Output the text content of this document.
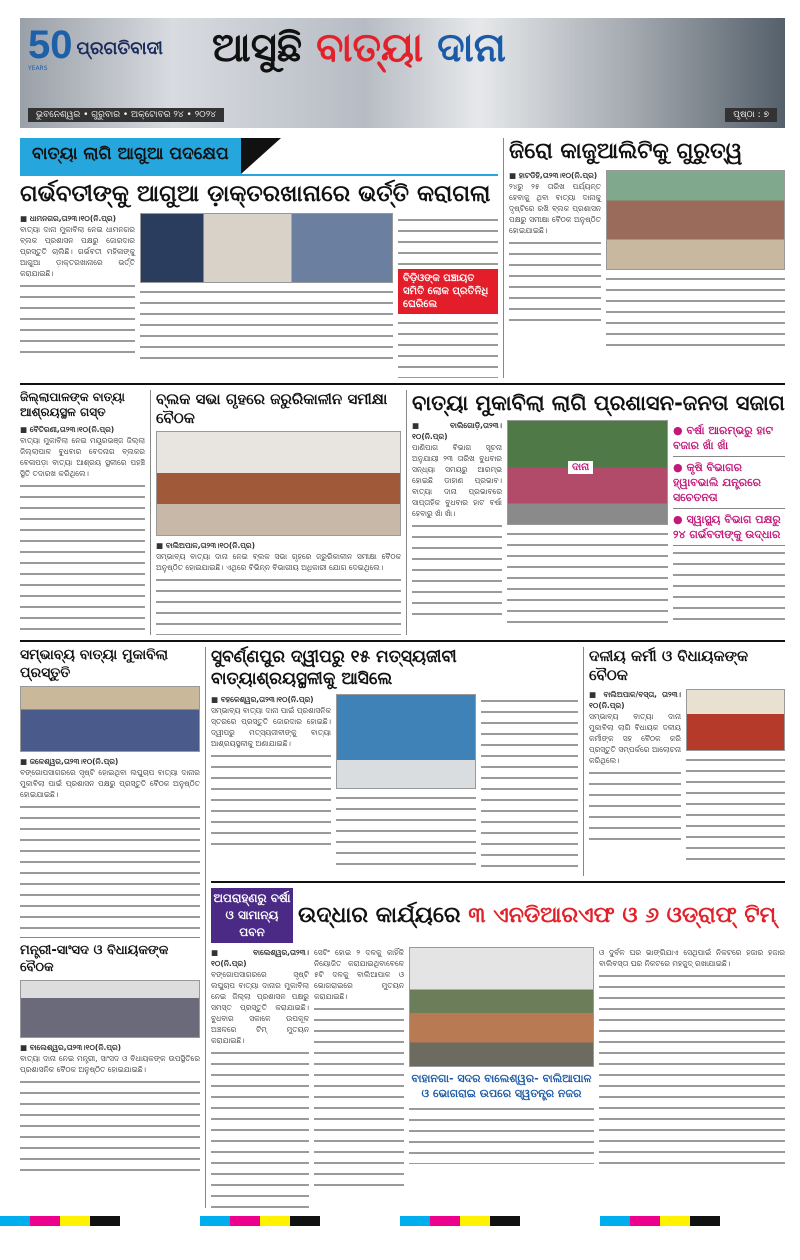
50
YEARS
ପ୍ରଗତିବାଦୀ ଆସୁଛି ବାତ୍ୟା ଦାନା
ଭୁବନେଶ୍ୱର • ଗୁରୁବାର • ଅକ୍ଟୋବର ୨୪ • ୨୦୨୪	ପୃଷ୍ଠା : ୭
ବାତ୍ୟା ଲାଗି ଆଗୁଆ ପଦକ୍ଷେପ
ଗର୍ଭବତୀଙ୍କୁ ଆଗୁଆ ଡ଼ାକ୍ତରଖାନାରେ ଭର୍ତ୍ତି କରାଗଲା
■ ଧାମନଗର,ତା୨୩।୧୦(ନି.ପ୍ର)
ବାତ୍ୟା ଦାନା ମୁକାବିଲା ନେଇ ଧାମନଗର ବ୍ଲକ ପ୍ରଶାସନ ପକ୍ଷରୁ ଜୋରଦାର ପ୍ରସ୍ତୁତି ଚାଲିଛି। ଗର୍ଭବତୀ ମହିଳାଙ୍କୁ ଆଗୁଆ ଡ଼ାକ୍ତରଖାନାରେ ଭର୍ତ୍ତି କରାଯାଇଛି।	ବିଡ଼ିଓଙ୍କ ପଞ୍ଚାୟତ ସମିତି ଲୋକ ପ୍ରତିନିଧି ଘେରିଲେ
ଜିରୋ କାଜୁଆଲିଟିକୁ ଗୁରୁତ୍ୱ
■ ହାଟଡିହି,ତା୨୩।୧୦(ନି.ପ୍ର)
୨୪ରୁ ୨୫ ତାରିଖ ପର୍ଯ୍ୟନ୍ତ ହେବାକୁ ଥିବା ବାତ୍ୟା ଦାନାକୁ ଦୃଷ୍ଟିରେ ରଖି ବ୍ଲକ ପ୍ରଶାସନ ପକ୍ଷରୁ ସମୀକ୍ଷା ବୈଠକ ଅନୁଷ୍ଠିତ ହୋଇଯାଇଛି।
ଜିଲ୍ଲାପାଳଙ୍କ ବାତ୍ୟା ଆଶ୍ରୟସ୍ଥଳ ଗସ୍ତ
■ ବୈତିରଣୀ,ତା୨୩।୧୦(ନି.ପ୍ର)
ବାତ୍ୟା ମୁକାବିଲା ନେଇ ମୟୂରଭଞ୍ଜ ଜିଲ୍ଲା ଜିଲ୍ଲାପାଳ ବୁଧବାର ବେଦନାଗ ବ୍ଲକର ବେଳାପଡ଼ା ବାତ୍ୟା ଆଶ୍ରୟ ସ୍ଥଳୀରେ ପହଞ୍ଚି ସ୍ଥିତି ତଦାରଖ କରିଥିଲେ।
ବ୍ଲକ ସଭା ଗୃହରେ ଜରୁରିକାଳୀନ ସମୀକ୍ଷା ବୈଠକ
■ ବାଲିଅପାଳ,ତା୨୩।୧୦(ନି.ପ୍ର)
ସମ୍ଭାବ୍ୟ ବାତ୍ୟା ଦାନା ନେଇ ବ୍ଲକ ସଭା ଗୃହରେ ଜରୁରିକାଳୀନ ସମୀକ୍ଷା ବୈଠକ ଅନୁଷ୍ଠିତ ହୋଇଯାଇଛି। ଏଥିରେ ବିଭିନ୍ନ ବିଭାଗୀୟ ଅଧିକାରୀ ଯୋଗ ଦେଇଥିଲେ।
ବାତ୍ୟା ମୁକାବିଲା ଲାଗି ପ୍ରଶାସନ-ଜନତା ସଜାଗ
■ ବାଲିଗୋଡ଼ି,ତା୨୩।୧୦(ନି.ପ୍ର)
ପାଣିପାଗ ବିଭାଗ ସୂଚନା ଅନୁଯାୟୀ ୨୩ ତାରିଖ ବୁଧବାର ସନ୍ଧ୍ୟା ସମୟରୁ ଆରମ୍ଭ ହୋଇଛି ଡାହାଣ ପ୍ରଭାବ। ବାତ୍ୟା ଦାନା ପ୍ରଭାବରେ ସାପ୍ତାହିକ ବୁଧବାର ହାଟ ବର୍ଷା ହେବାରୁ ଖାଁ ଖାଁ।
ଦାନା
● ବର୍ଷା ଆରମ୍ଭରୁ ହାଟ ବଜାର ଖାଁ ଖାଁ
● କୃଷି ବିଭାଗର ହ୍ୱାବଭାଲି ଯନ୍ତ୍ରରେ ସଚେତନତା
● ସ୍ୱାସ୍ଥ୍ୟ ବିଭାଗ ପକ୍ଷରୁ ୨୪ ଗର୍ଭବତୀଙ୍କୁ ଉଦ୍ଧାର
ସମ୍ଭାବ୍ୟ ବାତ୍ୟା ମୁକାବିଲା ପ୍ରସ୍ତୁତି
■ ଜଳେଶ୍ୱର,ତା୨୩।୧୦(ନି.ପ୍ର)
ବଙ୍ଗୋପସାଗରରେ ସୃଷ୍ଟି ହୋଇଥିବା ଲଘୁଚାପ ବାତ୍ୟା ଦାନାର ମୁକାବିଲା ପାଇଁ ପ୍ରଶାସନ ପକ୍ଷରୁ ପ୍ରସ୍ତୁତି ବୈଠକ ଅନୁଷ୍ଠିତ ହୋଇଯାଇଛି।
ମନ୍ତ୍ରୀ-ସାଂସଦ ଓ ବିଧାୟକଙ୍କ ବୈଠକ
■ ବାଲେଶ୍ୱର,ତା୨୩।୧୦(ନି.ପ୍ର)
ବାତ୍ୟା ଦାନା ନେଇ ମନ୍ତ୍ରୀ, ସାଂସଦ ଓ ବିଧାୟକଙ୍କ ଉପସ୍ଥିତିରେ ପ୍ରଶାସନିକ ବୈଠକ ଅନୁଷ୍ଠିତ ହୋଇଯାଇଛି।
ସୁବର୍ଣ୍ଣପୁର ଦ୍ୱୀପରୁ ୧୫ ମତ୍ସ୍ୟଜୀବୀ ବାତ୍ୟାଶ୍ରୟସ୍ଥଳୀକୁ ଆସିଲେ
■ ବହଳେଶ୍ୱର,ତା୨୩।୧୦(ନି.ପ୍ର)
ସମ୍ଭାବ୍ୟ ବାତ୍ୟା ଦାନା ପାଇଁ ପ୍ରଶାସନିକ ସ୍ତରରେ ପ୍ରସ୍ତୁତି ଜୋରଦାର ହୋଇଛି। ଦ୍ୱୀପରୁ ମତ୍ସ୍ୟଜୀବୀଙ୍କୁ ବାତ୍ୟା ଆଶ୍ରୟସ୍ଥଳୀକୁ ଅଣାଯାଇଛି।
ଦଳୀୟ କର୍ମୀ ଓ ବିଧାୟକଙ୍କ ବୈଠକ
■ ବାଲିଅପାଳ/ବସ୍ତା, ତା୨୩।୧୦(ନି.ପ୍ର)
ସମ୍ଭାବ୍ୟ ବାତ୍ୟା ଦାନା ମୁକାବିଲା ଲାଗି ବିଧାୟକ ଦଳୀୟ କର୍ମୀଙ୍କ ସହ ବୈଠକ କରି ପ୍ରସ୍ତୁତି ସମ୍ପର୍କରେ ଆଲୋଚନା କରିଥିଲେ।
ଅପରାହ୍ଣରୁ ବର୍ଷା ଓ ସାମାନ୍ୟ ପବନ
ଉଦ୍ଧାର କାର୍ଯ୍ୟରେ ୩ ଏନଡିଆରଏଫ ଓ ୬ ଓଡ୍ରାଫ୍ ଟିମ୍
■ ବାଲେଶ୍ୱର,ତା୨୩।୧୦(ନି.ପ୍ର)
ବଙ୍ଗୋପସାଗରରେ ସୃଷ୍ଟି ଲଘୁଚାପ ବାତ୍ୟା ଦାନାର ମୁକାବିଲା ନେଇ ଜିଲ୍ଲା ପ୍ରଶାସନ ପକ୍ଷରୁ ସମସ୍ତ ପ୍ରସ୍ତୁତି କରାଯାଇଛି। ବୁଧବାର ସକାଳେ ଉପକୂଳ ଅଞ୍ଚଳରେ ଟିମ୍ ମୁତୟନ କରାଯାଇଛି।
ସେଟିଂ ହୋଇ ୨ ଦଳକୁ କାହିଁକି ନିୟୋଜିତ କରାଯାଇଥିବାବେଳେ ୫ଟି ଦଳକୁ ବାଲିଆପାଳ ଓ ଭୋଗରାଇରେ ମୁତୟନ କରାଯାଇଛି।
ବାହାନଗା- ସଦର ବାଲେଶ୍ୱର- ବାଲିଆପାଳ ଓ ଭୋଗରାଇ ଉପରେ ସ୍ୱତନ୍ତ୍ର ନଜର
ଓ ଦୁର୍ବଳ ଘର ଭାଙ୍ଗିଯାଏ ସେଥିପାଇଁ ନିକଟରେ ହଜାର ହଜାର ବାଲିବସ୍ତା ଘର ନିକଟରେ ମହଜୁଦ୍ ରଖାଯାଇଛି।
